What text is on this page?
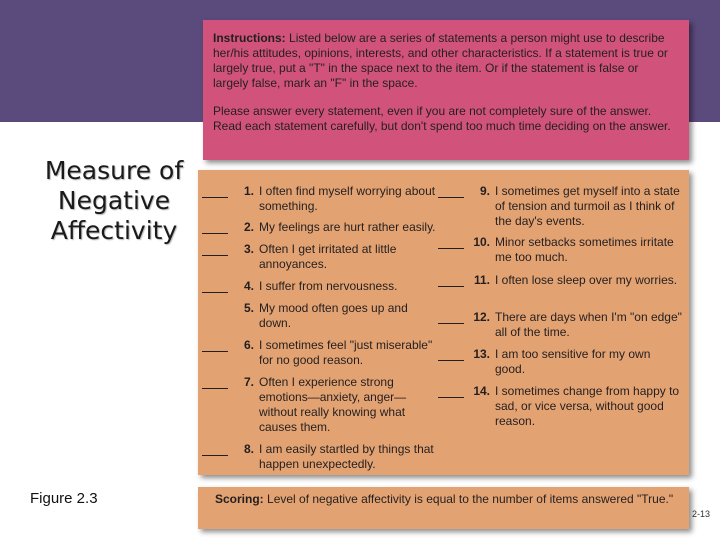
Measure of
Negative
Affectivity
Figure 2.3
2-13

Instructions: Listed below are a series of statements a person might use to describe her/his attitudes, opinions, interests, and other characteristics. If a statement is true or largely true, put a "T" in the space next to the item. Or if the statement is false or largely false, mark an "F" in the space.

Please answer every statement, even if you are not completely sure of the answer. Read each statement carefully, but don't spend too much time deciding on the answer.

1. I often find myself worrying about something.
2. My feelings are hurt rather easily.
3. Often I get irritated at little annoyances.
4. I suffer from nervousness.
5. My mood often goes up and down.
6. I sometimes feel "just miserable" for no good reason.
7. Often I experience strong emotions—anxiety, anger— without really knowing what causes them.
8. I am easily startled by things that happen unexpectedly.
9. I sometimes get myself into a state of tension and turmoil as I think of the day's events.
10. Minor setbacks sometimes irritate me too much.
11. I often lose sleep over my worries.
12. There are days when I'm "on edge" all of the time.
13. I am too sensitive for my own good.
14. I sometimes change from happy to sad, or vice versa, without good reason.
Scoring: Level of negative affectivity is equal to the number of items answered "True."
